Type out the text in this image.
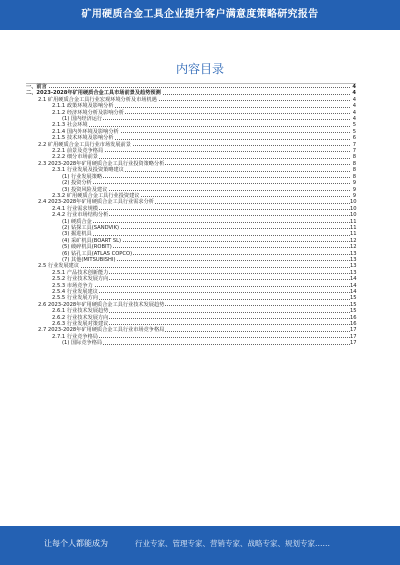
矿用硬质合金工具企业提升客户满意度策略研究报告
内容目录
一、前言	4
二、2023-2028年矿用硬质合金工具市场前景及趋势预测	4
2.1 矿用硬质合金工具行业宏观环境分析及市场机遇	4
2.1.1 政策环境及影响分析	4
2.1.2 经济环境分析及影响分析	4
(1) 国内经济运行	4
2.1.3 社会环境	5
2.1.4 国内外环境及影响分析	5
2.1.5 技术环境及影响分析	6
2.2 矿用硬质合金工具行业市场发展前景	7
2.2.1 前景及竞争格局	7
2.2.2 细分市场前景	8
2.3 2023-2028年矿用硬质合金工具行业投资策略分析	8
2.3.1 行业发展及投资策略建议	8
(1) 行业发展策略	8
(2) 投资分析	9
(3) 投资风险及建议	9
2.3.2 矿用硬质合金工具行业投资建议	9
2.4 2023-2028年矿用硬质合金工具行业需求分析	10
2.4.1 行业需求规模	10
2.4.2 行业市场结构分析	10
(1) 硬质合金	11
(2) 钻探工具(SANDVIK)	11
(3) 掘进机具	11
(4) 采矿机具(BOART SL)	12
(5) 破碎机具(ROBIT)	12
(6) 钻孔工具(ATLAS COPCO)	13
(7) 其他(MITSUBISHI)	13
2.5 行业发展建议	13
2.5.1 产品技术创新能力	13
2.5.2 行业技术发展方向	14
2.5.3 市场竞争力	14
2.5.4 行业发展建议	14
2.5.5 行业发展方向	15
2.6 2023-2028年矿用硬质合金工具行业技术发展趋势	15
2.6.1 行业技术发展趋势	15
2.6.2 行业技术发展方向	16
2.6.3 行业发展对策建议	16
2.7 2023-2028年矿用硬质合金工具行业市场竞争格局	17
2.7.1 行业竞争格局	17
(1) 国际竞争格局	17
让每个人都能成为	行业专家、管理专家、营销专家、战略专家、规划专家……
